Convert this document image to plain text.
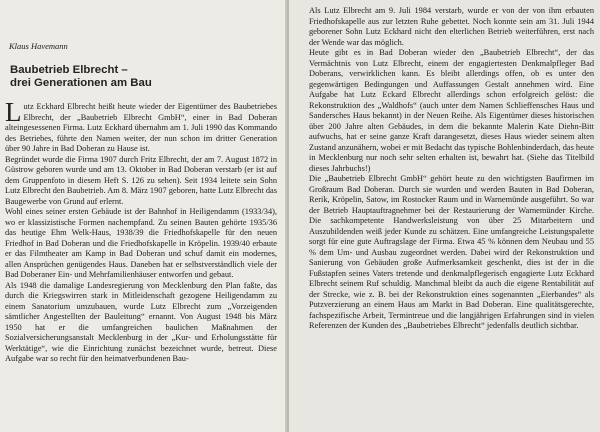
Klaus Havemann
Baubetrieb Elbrecht –
drei Generationen am Bau

Lutz Eckhard Elbrecht heißt heute wieder der Eigentümer des Baubetriebes Elbrecht, der „Baubetrieb Elbrecht GmbH“, einer in Bad Doberan alteingesessenen Firma. Lutz Eckhard übernahm am 1. Juli 1990 das Kommando des Betriebes, führte den Namen weiter, der nun schon im dritter Generation über 90 Jahre in Bad Doberan zu Hause ist.

Begründet wurde die Firma 1907 durch Fritz Elbrecht, der am 7. August 1872 in Güstrow geboren wurde und am 13. Oktober in Bad Doberan verstarb (er ist auf dem Gruppenfoto in diesem Heft S. 126 zu sehen). Seit 1934 leitete sein Sohn Lutz Elbrecht den Baubetrieb. Am 8. März 1907 geboren, hatte Lutz Elbrecht das Baugewerbe von Grund auf erlernt.

Wohl eines seiner ersten Gebäude ist der Bahnhof in Heiligendamm (1933/34), wo er klassizistische Formen nachempfand. Zu seinen Bauten gehörte 1935/36 das heutige Ehm Welk-Haus, 1938/39 die Friedhofskapelle für den neuen Friedhof in Bad Doberan und die Friedhofskapelle in Kröpelin. 1939/40 erbaute er das Filmtheater am Kamp in Bad Doberan und schuf damit ein modernes, allen Ansprüchen genügendes Haus. Daneben hat er selbstverständlich viele der Bad Doberaner Ein- und Mehrfamilienhäuser entworfen und gebaut.

Als 1948 die damalige Landesregierung von Mecklenburg den Plan faßte, das durch die Kriegswirren stark in Mitleidenschaft gezogene Heiligendamm zu einem Sanatorium umzubauen, wurde Lutz Elbrecht zum „Vorzeigenden sämtlicher Angestellten der Bauleitung“ ernannt. Von August 1948 bis März 1950 hat er die umfangreichen baulichen Maßnahmen der Sozialversicherungsanstalt Mecklenburg in der „Kur- und Erholungsstätte für Werktätige“, wie die Einrichtung zunächst bezeichnet wurde, betreut. Diese Aufgabe war so recht für den heimatverbundenen Bau-

Als Lutz Elbrecht am 9. Juli 1984 verstarb, wurde er von der von ihm erbauten Friedhofskapelle aus zur letzten Ruhe gebettet. Noch konnte sein am 31. Juli 1944 geborener Sohn Lutz Eckhard nicht den elterlichen Betrieb weiterführen, erst nach der Wende war das möglich.

Heute gibt es in Bad Doberan wieder den „Baubetrieb Elbrecht“, der das Vermächtnis von Lutz Elbrecht, einem der engagiertesten Denkmalpfleger Bad Doberans, verwirklichen kann. Es bleibt allerdings offen, ob es unter den gegenwärtigen Bedingungen und Auffassungen Gestalt annehmen wird. Eine Aufgabe hat Lutz Eckard Elbrecht allerdings schon erfolgreich gelöst: die Rekonstruktion des „Waldhofs“ (auch unter dem Namen Schlieffensches Haus und Sandersches Haus bekannt) in der Neuen Reihe. Als Eigentümer dieses historischen über 200 Jahre alten Gebäudes, in dem die bekannte Malerin Kate Diehn-Bitt aufwuchs, hat er seine ganze Kraft darangesetzt, dieses Haus wieder seinem alten Zustand anzunähern, wobei er mit Bedacht das typische Bohlenbinderdach, das heute in Mecklenburg nur noch sehr selten erhalten ist, bewahrt hat. (Siehe das Titelbild dieses Jahrbuchs!)

Die „Baubetrieb Elbrecht GmbH“ gehört heute zu den wichtigsten Baufirmen im Großraum Bad Doberan. Durch sie wurden und werden Bauten in Bad Doberan, Rerik, Kröpelin, Satow, im Rostocker Raum und in Warnemünde ausgeführt. So war der Betrieb Hauptauftragnehmer bei der Restaurierung der Warnemünder Kirche. Die sachkompetente Handwerksleistung von über 25 Mitarbeitern und Auszubildenden weiß jeder Kunde zu schätzen. Eine umfangreiche Leistungspalette sorgt für eine gute Auftragslage der Firma. Etwa 45 % können dem Neubau und 55 % dem Um- und Ausbau zugeordnet werden. Dabei wird der Rekonstruktion und Sanierung von Gebäuden große Aufmerksamkeit geschenkt, dies ist der in die Fußstapfen seines Vaters tretende und denkmalpflegerisch engagierte Lutz Eckhard Elbrecht seinem Ruf schuldig. Manchmal bleibt da auch die eigene Rentabilität auf der Strecke, wie z. B. bei der Rekonstruktion eines sogenannten „Eierbandes“ als Putzverzierung an einem Haus am Markt in Bad Doberan. Eine qualitätsgerechte, fachspezifische Arbeit, Termintreue und die langjährigen Erfahrungen sind in vielen Referenzen der Kunden des „Baubetriebes Elbrecht“ jedenfalls deutlich sichtbar.
